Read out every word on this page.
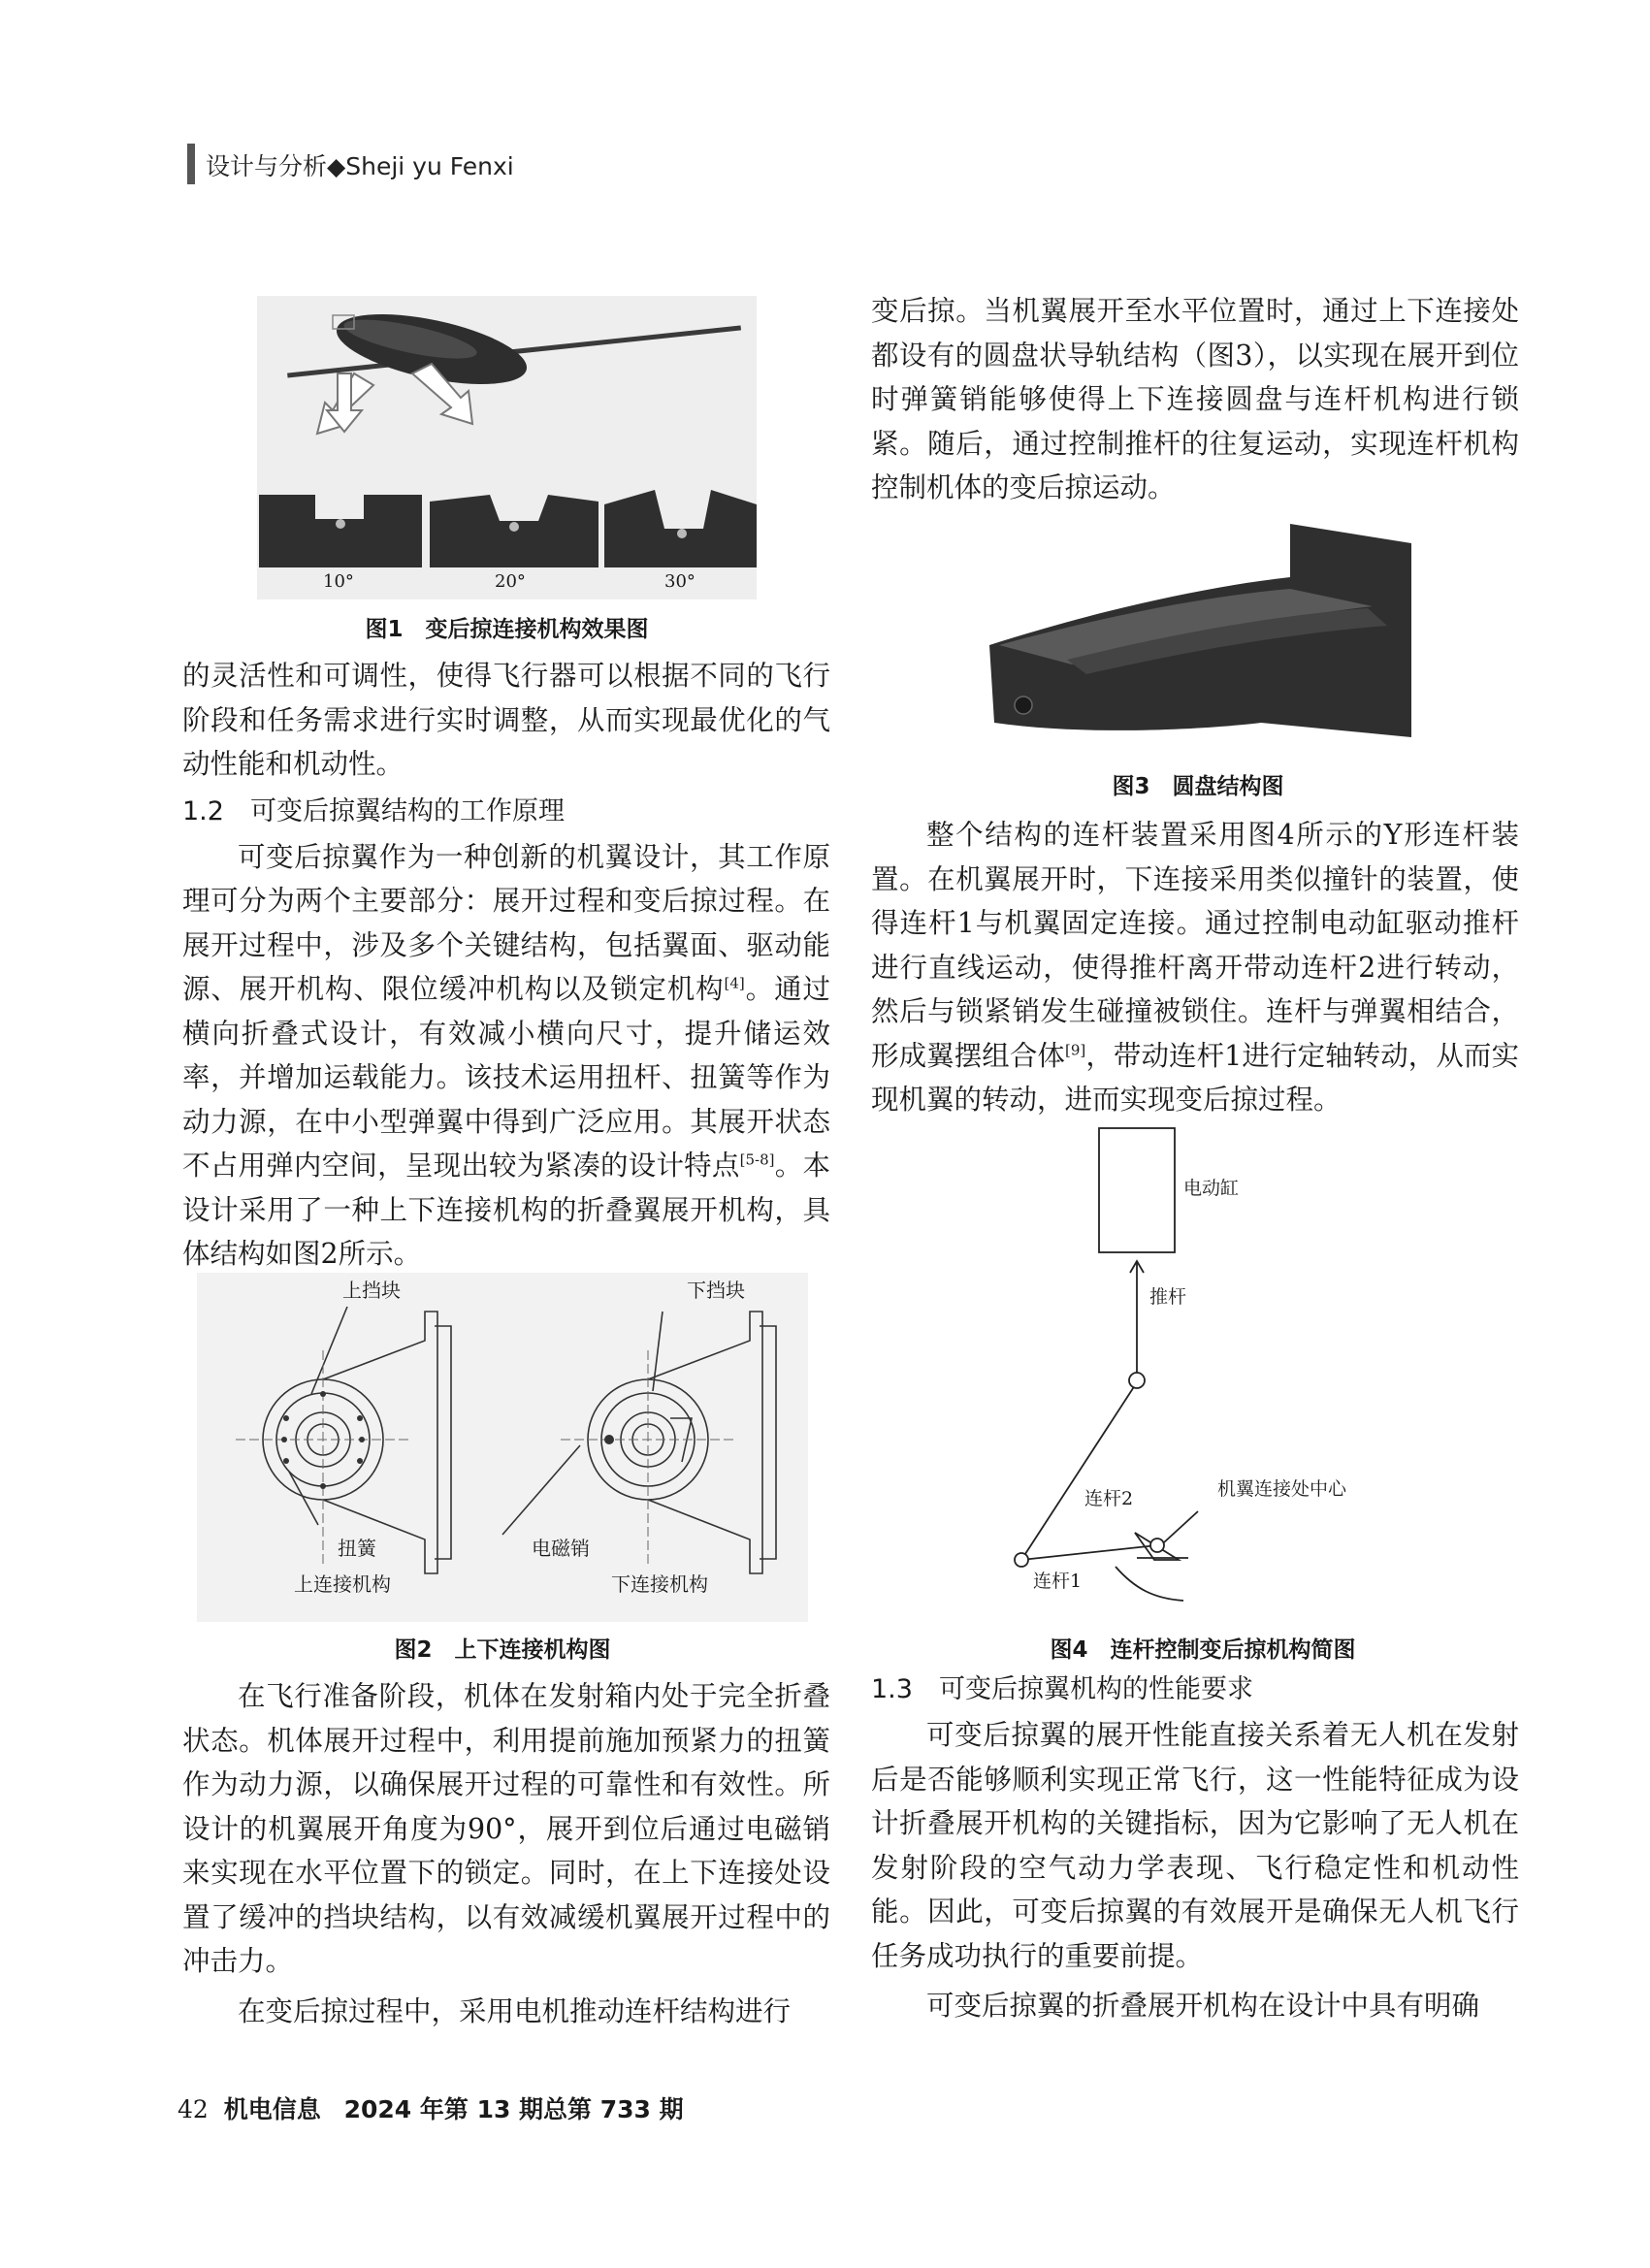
设计与分析◆Sheji yu Fenxi
10°	20°	30°
图1　变后掠连接机构效果图

的灵活性和可调性，使得飞行器可以根据不同的飞行阶段和任务需求进行实时调整，从而实现最优化的气动性能和机动性。

1.2　可变后掠翼结构的工作原理

可变后掠翼作为一种创新的机翼设计，其工作原理可分为两个主要部分：展开过程和变后掠过程。在展开过程中，涉及多个关键结构，包括翼面、驱动能源、展开机构、限位缓冲机构以及锁定机构[4]。通过横向折叠式设计，有效减小横向尺寸，提升储运效率，并增加运载能力。该技术运用扭杆、扭簧等作为动力源，在中小型弹翼中得到广泛应用。其展开状态不占用弹内空间，呈现出较为紧凑的设计特点[5-8]。本设计采用了一种上下连接机构的折叠翼展开机构，具体结构如图2所示。

上挡块	下挡块
扭簧	电磁销
上连接机构	下连接机构
图2　上下连接机构图

在飞行准备阶段，机体在发射箱内处于完全折叠状态。机体展开过程中，利用提前施加预紧力的扭簧作为动力源，以确保展开过程的可靠性和有效性。所设计的机翼展开角度为90°，展开到位后通过电磁销来实现在水平位置下的锁定。同时，在上下连接处设置了缓冲的挡块结构，以有效减缓机翼展开过程中的冲击力。

在变后掠过程中，采用电机推动连杆结构进行

变后掠。当机翼展开至水平位置时，通过上下连接处都设有的圆盘状导轨结构（图3），以实现在展开到位时弹簧销能够使得上下连接圆盘与连杆机构进行锁紧。随后，通过控制推杆的往复运动，实现连杆机构控制机体的变后掠运动。

图3　圆盘结构图

整个结构的连杆装置采用图4所示的Y形连杆装置。在机翼展开时，下连接采用类似撞针的装置，使得连杆1与机翼固定连接。通过控制电动缸驱动推杆进行直线运动，使得推杆离开带动连杆2进行转动，然后与锁紧销发生碰撞被锁住。连杆与弹翼相结合，形成翼摆组合体[9]，带动连杆1进行定轴转动，从而实现机翼的转动，进而实现变后掠过程。

电动缸
推杆
连杆2	机翼连接处中心
连杆1
图4　连杆控制变后掠机构简图
1.3　可变后掠翼机构的性能要求

可变后掠翼的展开性能直接关系着无人机在发射后是否能够顺利实现正常飞行，这一性能特征成为设计折叠展开机构的关键指标，因为它影响了无人机在发射阶段的空气动力学表现、飞行稳定性和机动性能。因此，可变后掠翼的有效展开是确保无人机飞行任务成功执行的重要前提。

可变后掠翼的折叠展开机构在设计中具有明确

42 机电信息 2024 年第 13 期总第 733 期
